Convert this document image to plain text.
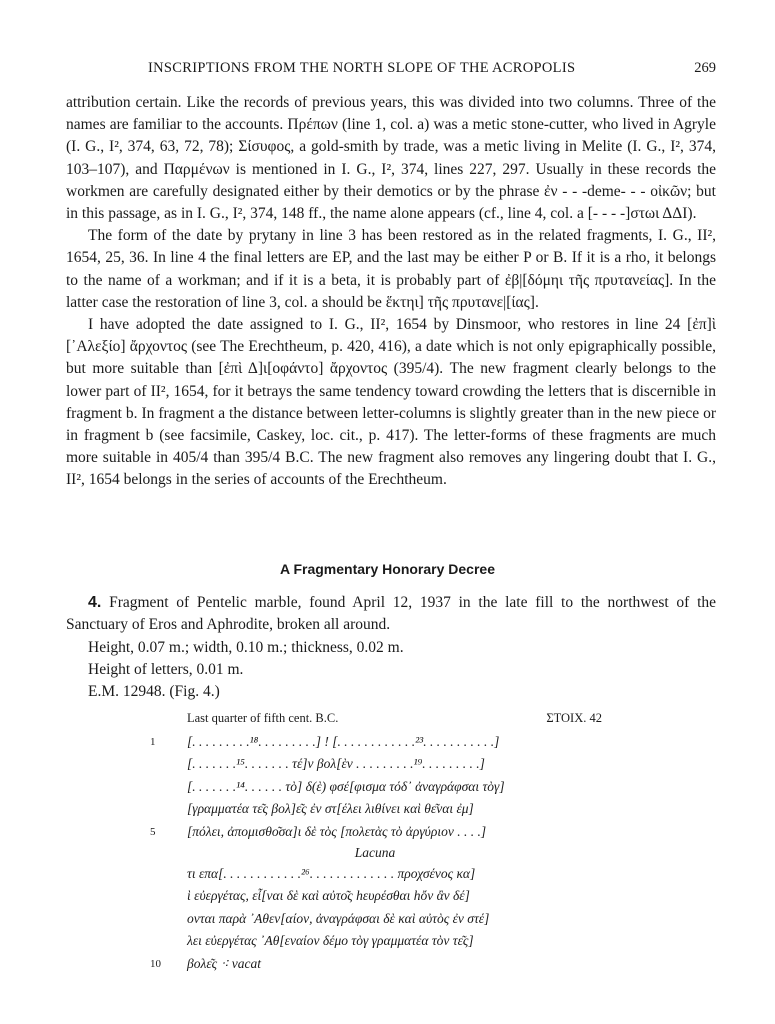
INSCRIPTIONS FROM THE NORTH SLOPE OF THE ACROPOLIS	269

attribution certain. Like the records of previous years, this was divided into two columns. Three of the names are familiar to the accounts. Πρέπων (line 1, col. a) was a metic stone-cutter, who lived in Agryle (I. G., I², 374, 63, 72, 78); Σίσυφος, a gold-smith by trade, was a metic living in Melite (I. G., I², 374, 103–107), and Παρμένων is mentioned in I. G., I², 374, lines 227, 297. Usually in these records the workmen are carefully designated either by their demotics or by the phrase ἐν - - -deme- - - οἰκῶν; but in this passage, as in I. G., I², 374, 148 ff., the name alone appears (cf., line 4, col. a [- - - -]στωι ΔΔΙ).

The form of the date by prytany in line 3 has been restored as in the related fragments, I. G., II², 1654, 25, 36. In line 4 the final letters are ΕΡ, and the last may be either P or B. If it is a rho, it belongs to the name of a workman; and if it is a beta, it is probably part of ἐβ|[δόμηι τῆς πρυτανείας]. In the latter case the restoration of line 3, col. a should be ἕκτηι] τῆς πρυτανε|[ίας].

I have adopted the date assigned to I. G., II², 1654 by Dinsmoor, who restores in line 24 [ἐπ]ὶ [᾿Αλεξίο] ἄρχοντος (see The Erechtheum, p. 420, 416), a date which is not only epigraphically possible, but more suitable than [ἐπὶ Δ]ι[οφάντο] ἄρχοντος (395/4). The new fragment clearly belongs to the lower part of II², 1654, for it betrays the same tendency toward crowding the letters that is discernible in fragment b. In fragment a the distance between letter-columns is slightly greater than in the new piece or in fragment b (see facsimile, Caskey, loc. cit., p. 417). The letter-forms of these fragments are much more suitable in 405/4 than 395/4 B.C. The new fragment also removes any lingering doubt that I. G., II², 1654 belongs in the series of accounts of the Erechtheum.

A Fragmentary Honorary Decree
4. Fragment of Pentelic marble, found April 12, 1937 in the late fill to the northwest of the Sanctuary of Eros and Aphrodite, broken all around.
Height, 0.07 m.; width, 0.10 m.; thickness, 0.02 m.
Height of letters, 0.01 m.
E.M. 12948. (Fig. 4.)
Last quarter of fifth cent. B.C.	ΣΤΟΙΧ. 42
1	[. . . . . . . . .¹⁸. . . . . . . . .] ! [. . . . . . . . . . . .²³. . . . . . . . . . .]
[. . . . . . .¹⁵. . . . . . . τέ]ν βολ[ὲν . . . . . . . . .¹⁹. . . . . . . . .]
[. . . . . . .¹⁴. . . . . . τὸ] δ(ὲ) φσέ[φισμα τόδ᾿ ἀναγράφσαι τὸγ]
[γραμματέα τε͂ς βολ]ε͂ς ἐν στ[έλει λιθίνει καὶ θε͂ναι ἐμ]
5	[πόλει, ἀπομισθο͂σα]ι δὲ τὸς [πολετὰς τὸ ἀργύριον . . . .]
Lacuna
τι επα[. . . . . . . . . . . .²⁶. . . . . . . . . . . . . προχσένος κα]
ὶ εὐεργέτας, εἶ[ναι δὲ καὶ αὐτο͂ς hευρέσθαι hὄν ἂν δέ]
ονται παρὰ ᾿Αθεν[αίον, ἀναγράφσαι δὲ καὶ αὐτὸς ἐν στέ]
λει εὐεργέτας ᾿Αθ[εναίον δέμο τὸγ γραμματέα τὸν τε͂ς]
10	βολε͂ς ⁖ vacat
